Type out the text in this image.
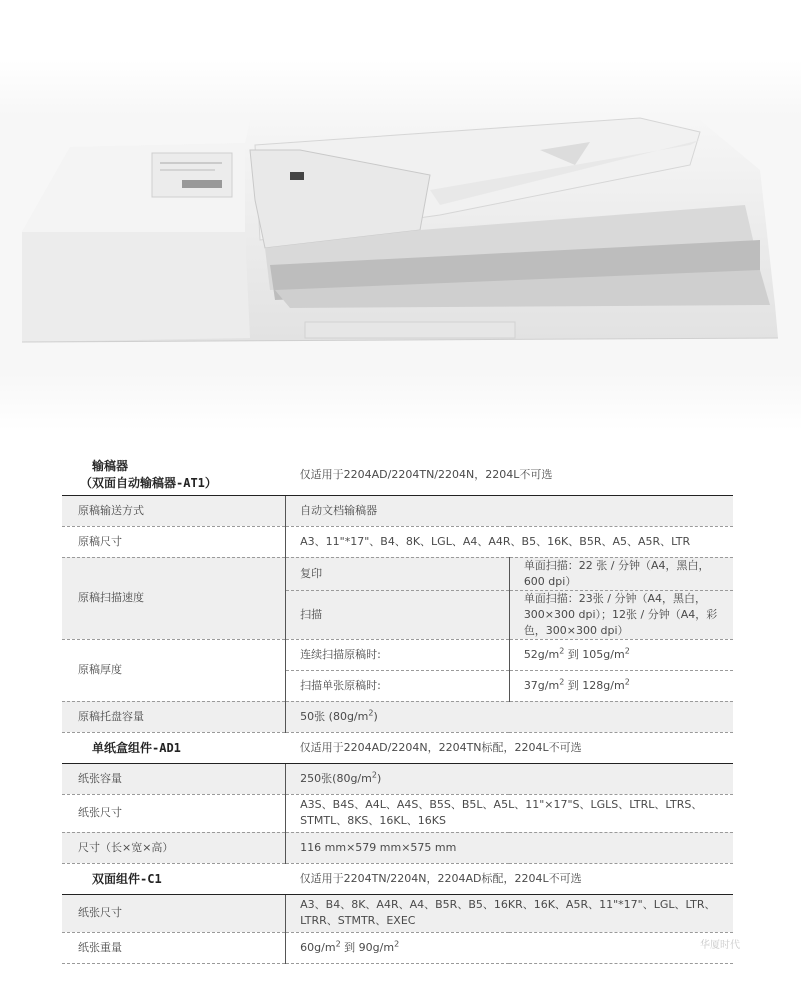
输稿器
（双面自动输稿器-AT1）	仅适用于2204AD/2204TN/2204N，2204L不可选	
原稿输送方式	自动文档输稿器	
原稿尺寸	A3、11"*17"、B4、8K、LGL、A4、A4R、B5、16K、B5R、A5、A5R、LTR	
原稿扫描速度	复印	单面扫描：22 张 / 分钟（A4，黑白，600 dpi）
	扫描	单面扫描：23张 / 分钟（A4，黑白，300×300 dpi）；12张 / 分钟（A4，彩色，300×300 dpi）
原稿厚度	连续扫描原稿时:	$52g/m^2$ 到 $105g/m^2$
	扫描单张原稿时:	$37g/m^2$ 到 $128g/m^2$
原稿托盘容量	50张 $(80g/m^2)$	
单纸盒组件-AD1	仅适用于2204AD/2204N，2204TN标配，2204L不可选	
纸张容量	250张$(80g/m^2)$	
纸张尺寸	A3S、B4S、A4L、A4S、B5S、B5L、A5L、11"×17"S、LGLS、LTRL、LTRS、STMTL、8KS、16KL、16KS	
尺寸（长×宽×高）	116 mm×579 mm×575 mm	
双面组件-C1	仅适用于2204TN/2204N，2204AD标配，2204L不可选	
纸张尺寸	A3、B4、8K、A4R、A4、B5R、B5、16KR、16K、A5R、11"*17"、LGL、LTR、LTRR、STMTR、EXEC	
纸张重量	$60g/m^2$ 到 $90g/m^2$	华厦时代
